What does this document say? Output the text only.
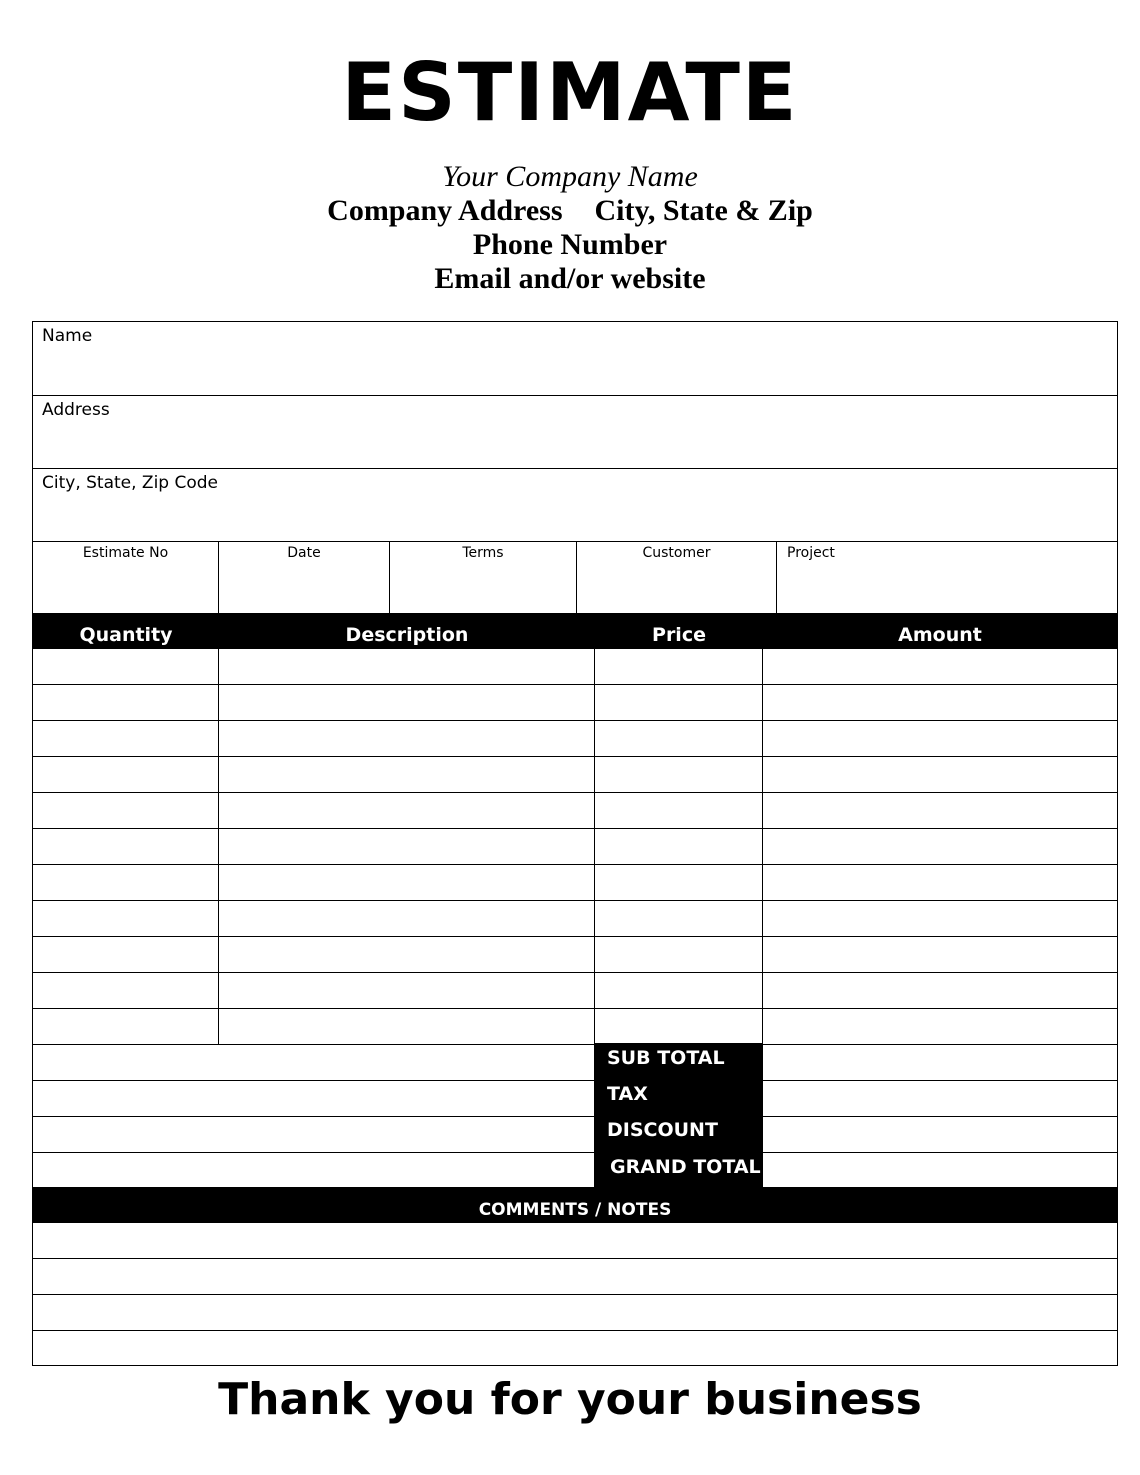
ESTIMATE
Your Company Name
Company Address City, State & Zip
Phone Number
Email and/or website
Name
Address
City, State, Zip Code
Estimate No	Date	Terms	Customer	Project
Quantity	Description	Price	Amount
SUB TOTAL
TAX
DISCOUNT
GRAND TOTAL
COMMENTS / NOTES
Thank you for your business
